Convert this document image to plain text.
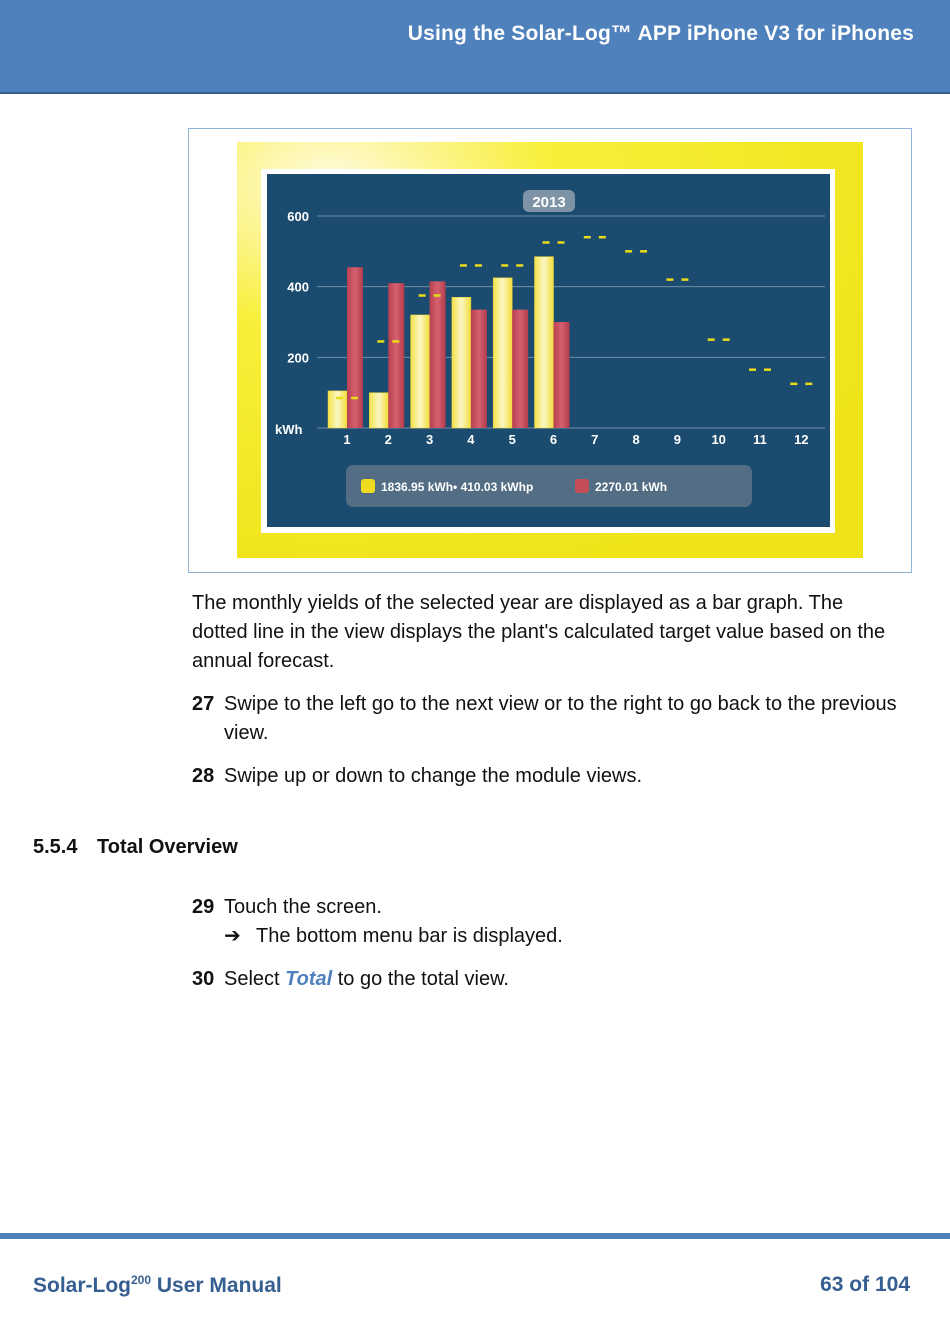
Using the Solar-Log™ APP iPhone V3 for iPhones
200
400
600
kWh
1	2	3	4	5	6	7	8	9 10 11 12
2013
1836.95 kWh• 410.03 kWhp	2270.01 kWh
The monthly yields of the selected year are displayed as a bar graph. The dotted line in the view displays the plant's calculated target value based on the annual forecast.
27 Swipe to the left go to the next view or to the right to go back to the previous view.
28 Swipe up or down to change the module views.
5.5.4 Total Overview
29 Touch the screen.
➔ The bottom menu bar is displayed.
30 Select Total to go the total view.
Solar-Log$^{200}$ User Manual	63 of 104
